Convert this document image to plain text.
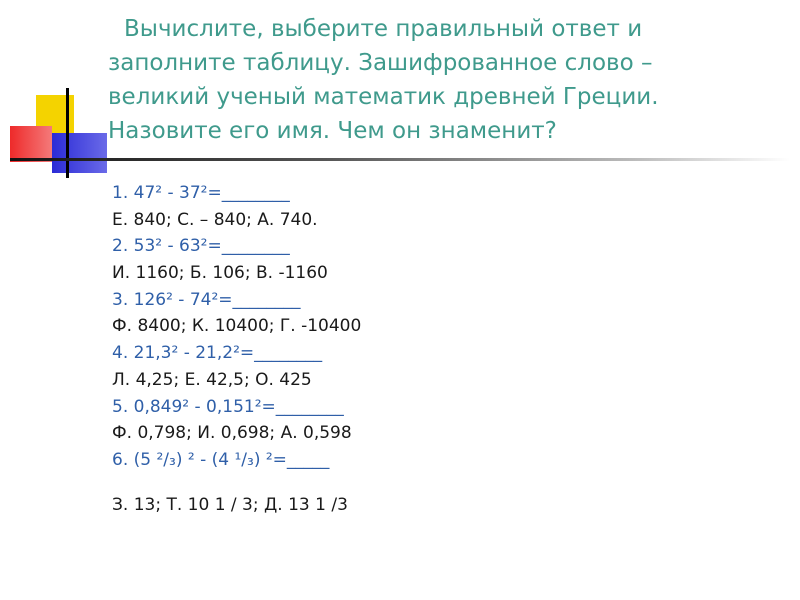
Вычислите, выберите правильный ответ и
заполните таблицу. Зашифрованное слово –
великий ученый математик древней Греции.
Назовите его имя. Чем он знаменит?
1. 47² - 37²=________
Е. 840; С. – 840; А. 740.
2. 53² - 63²=________
И. 1160; Б. 106; В. -1160
3. 126² - 74²=________
Ф. 8400; К. 10400; Г. -10400
4. 21,3² - 21,2²=________
Л. 4,25; Е. 42,5; О. 425
5. 0,849² - 0,151²=________
Ф. 0,798; И. 0,698; А. 0,598
6. (5 ²/₃) ² - (4 ¹/₃) ²=_____
З. 13; Т. 10 1 / 3; Д. 13 1 /3
